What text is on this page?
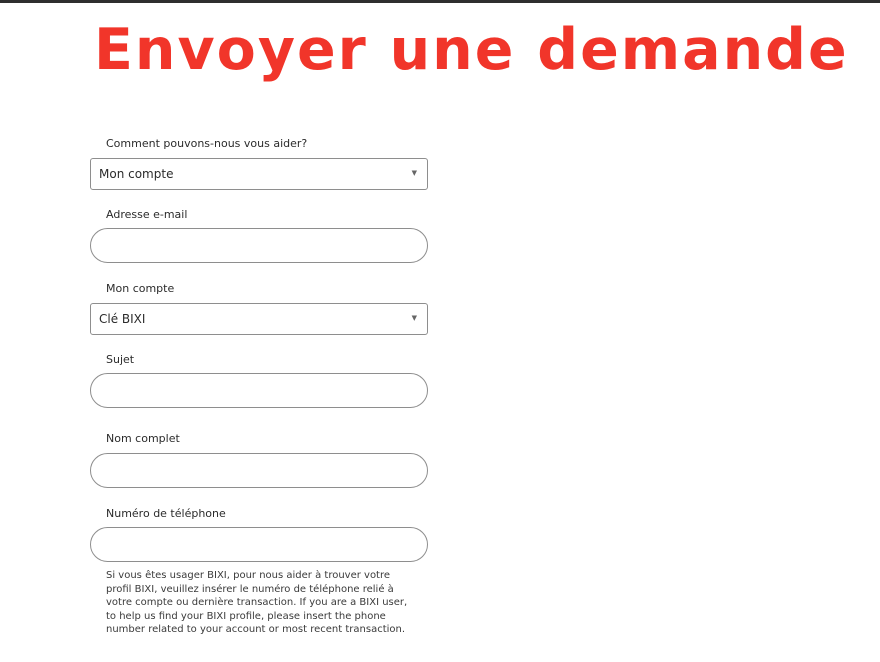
Envoyer une demande
Comment pouvons-nous vous aider?
Mon compte	▼
Adresse e-mail
Mon compte
Clé BIXI	▼
Sujet
Nom complet
Numéro de téléphone

Si vous êtes usager BIXI, pour nous aider à trouver votre profil BIXI, veuillez insérer le numéro de téléphone relié à votre compte ou dernière transaction. If you are a BIXI user, to help us find your BIXI profile, please insert the phone number related to your account or most recent transaction.
